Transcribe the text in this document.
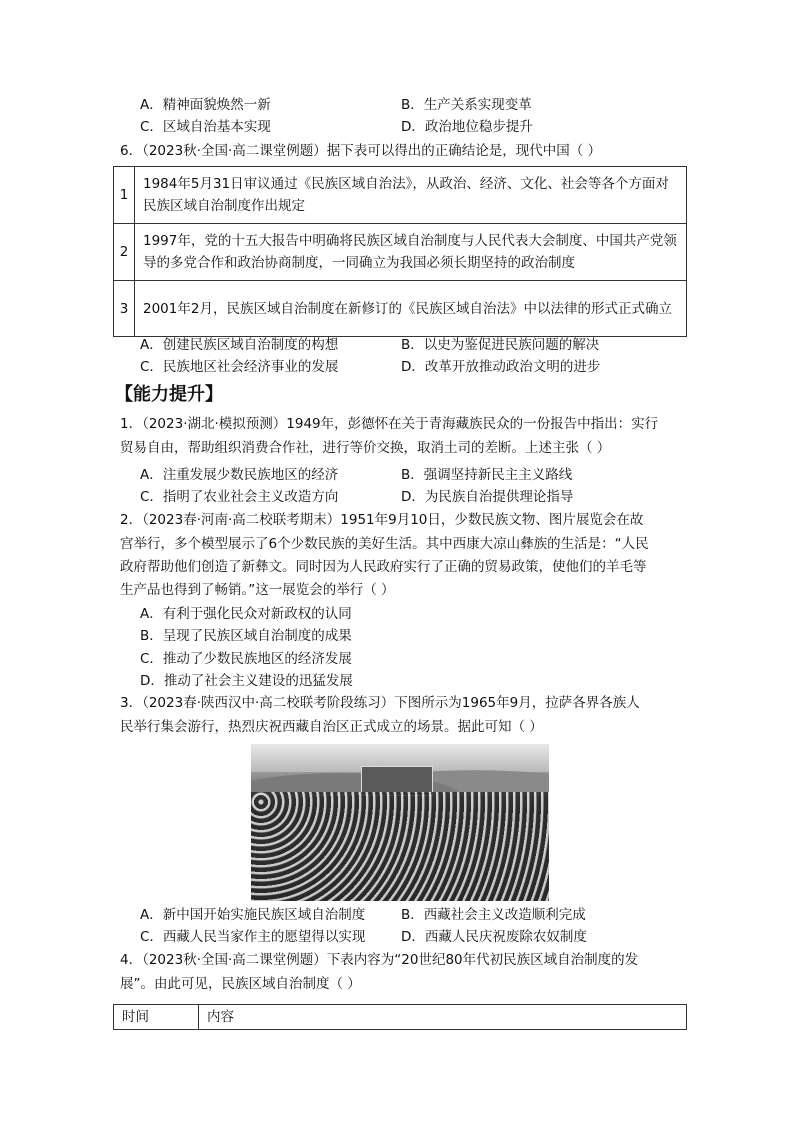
A．精神面貌焕然一新	B．生产关系实现变革
C．区域自治基本实现	D．政治地位稳步提升
6．（2023秋·全国·高二课堂例题）据下表可以得出的正确结论是，现代中国（ ）
1	1984年5月31日审议通过《民族区域自治法》，从政治、经济、文化、社会等各个方面对民族区域自治制度作出规定
2	1997年，党的十五大报告中明确将民族区域自治制度与人民代表大会制度、中国共产党领导的多党合作和政治协商制度，一同确立为我国必须长期坚持的政治制度
3	2001年2月，民族区域自治制度在新修订的《民族区域自治法》中以法律的形式正式确立
A．创建民族区域自治制度的构想	B．以史为鉴促进民族问题的解决
C．民族地区社会经济事业的发展	D．改革开放推动政治文明的进步
【能力提升】
1．（2023·湖北·模拟预测）1949年，彭德怀在关于青海藏族民众的一份报告中指出：实行
贸易自由，帮助组织消费合作社，进行等价交换，取消土司的差断。上述主张（ ）
A．注重发展少数民族地区的经济	B．强调坚持新民主主义路线
C．指明了农业社会主义改造方向	D．为民族自治提供理论指导
2．（2023春·河南·高二校联考期末）1951年9月10日，少数民族文物、图片展览会在故
宫举行，多个模型展示了6个少数民族的美好生活。其中西康大凉山彝族的生活是：“人民
政府帮助他们创造了新彝文。同时因为人民政府实行了正确的贸易政策，使他们的羊毛等
生产品也得到了畅销。”这一展览会的举行（ ）
A．有利于强化民众对新政权的认同
B．呈现了民族区域自治制度的成果
C．推动了少数民族地区的经济发展
D．推动了社会主义建设的迅猛发展
3．（2023春·陕西汉中·高二校联考阶段练习）下图所示为1965年9月，拉萨各界各族人
民举行集会游行，热烈庆祝西藏自治区正式成立的场景。据此可知（ ）
A．新中国开始实施民族区域自治制度	B．西藏社会主义改造顺利完成
C．西藏人民当家作主的愿望得以实现	D．西藏人民庆祝废除农奴制度
4．（2023秋·全国·高二课堂例题）下表内容为“20世纪80年代初民族区域自治制度的发
展”。由此可见，民族区域自治制度（ ）
时间	内容
